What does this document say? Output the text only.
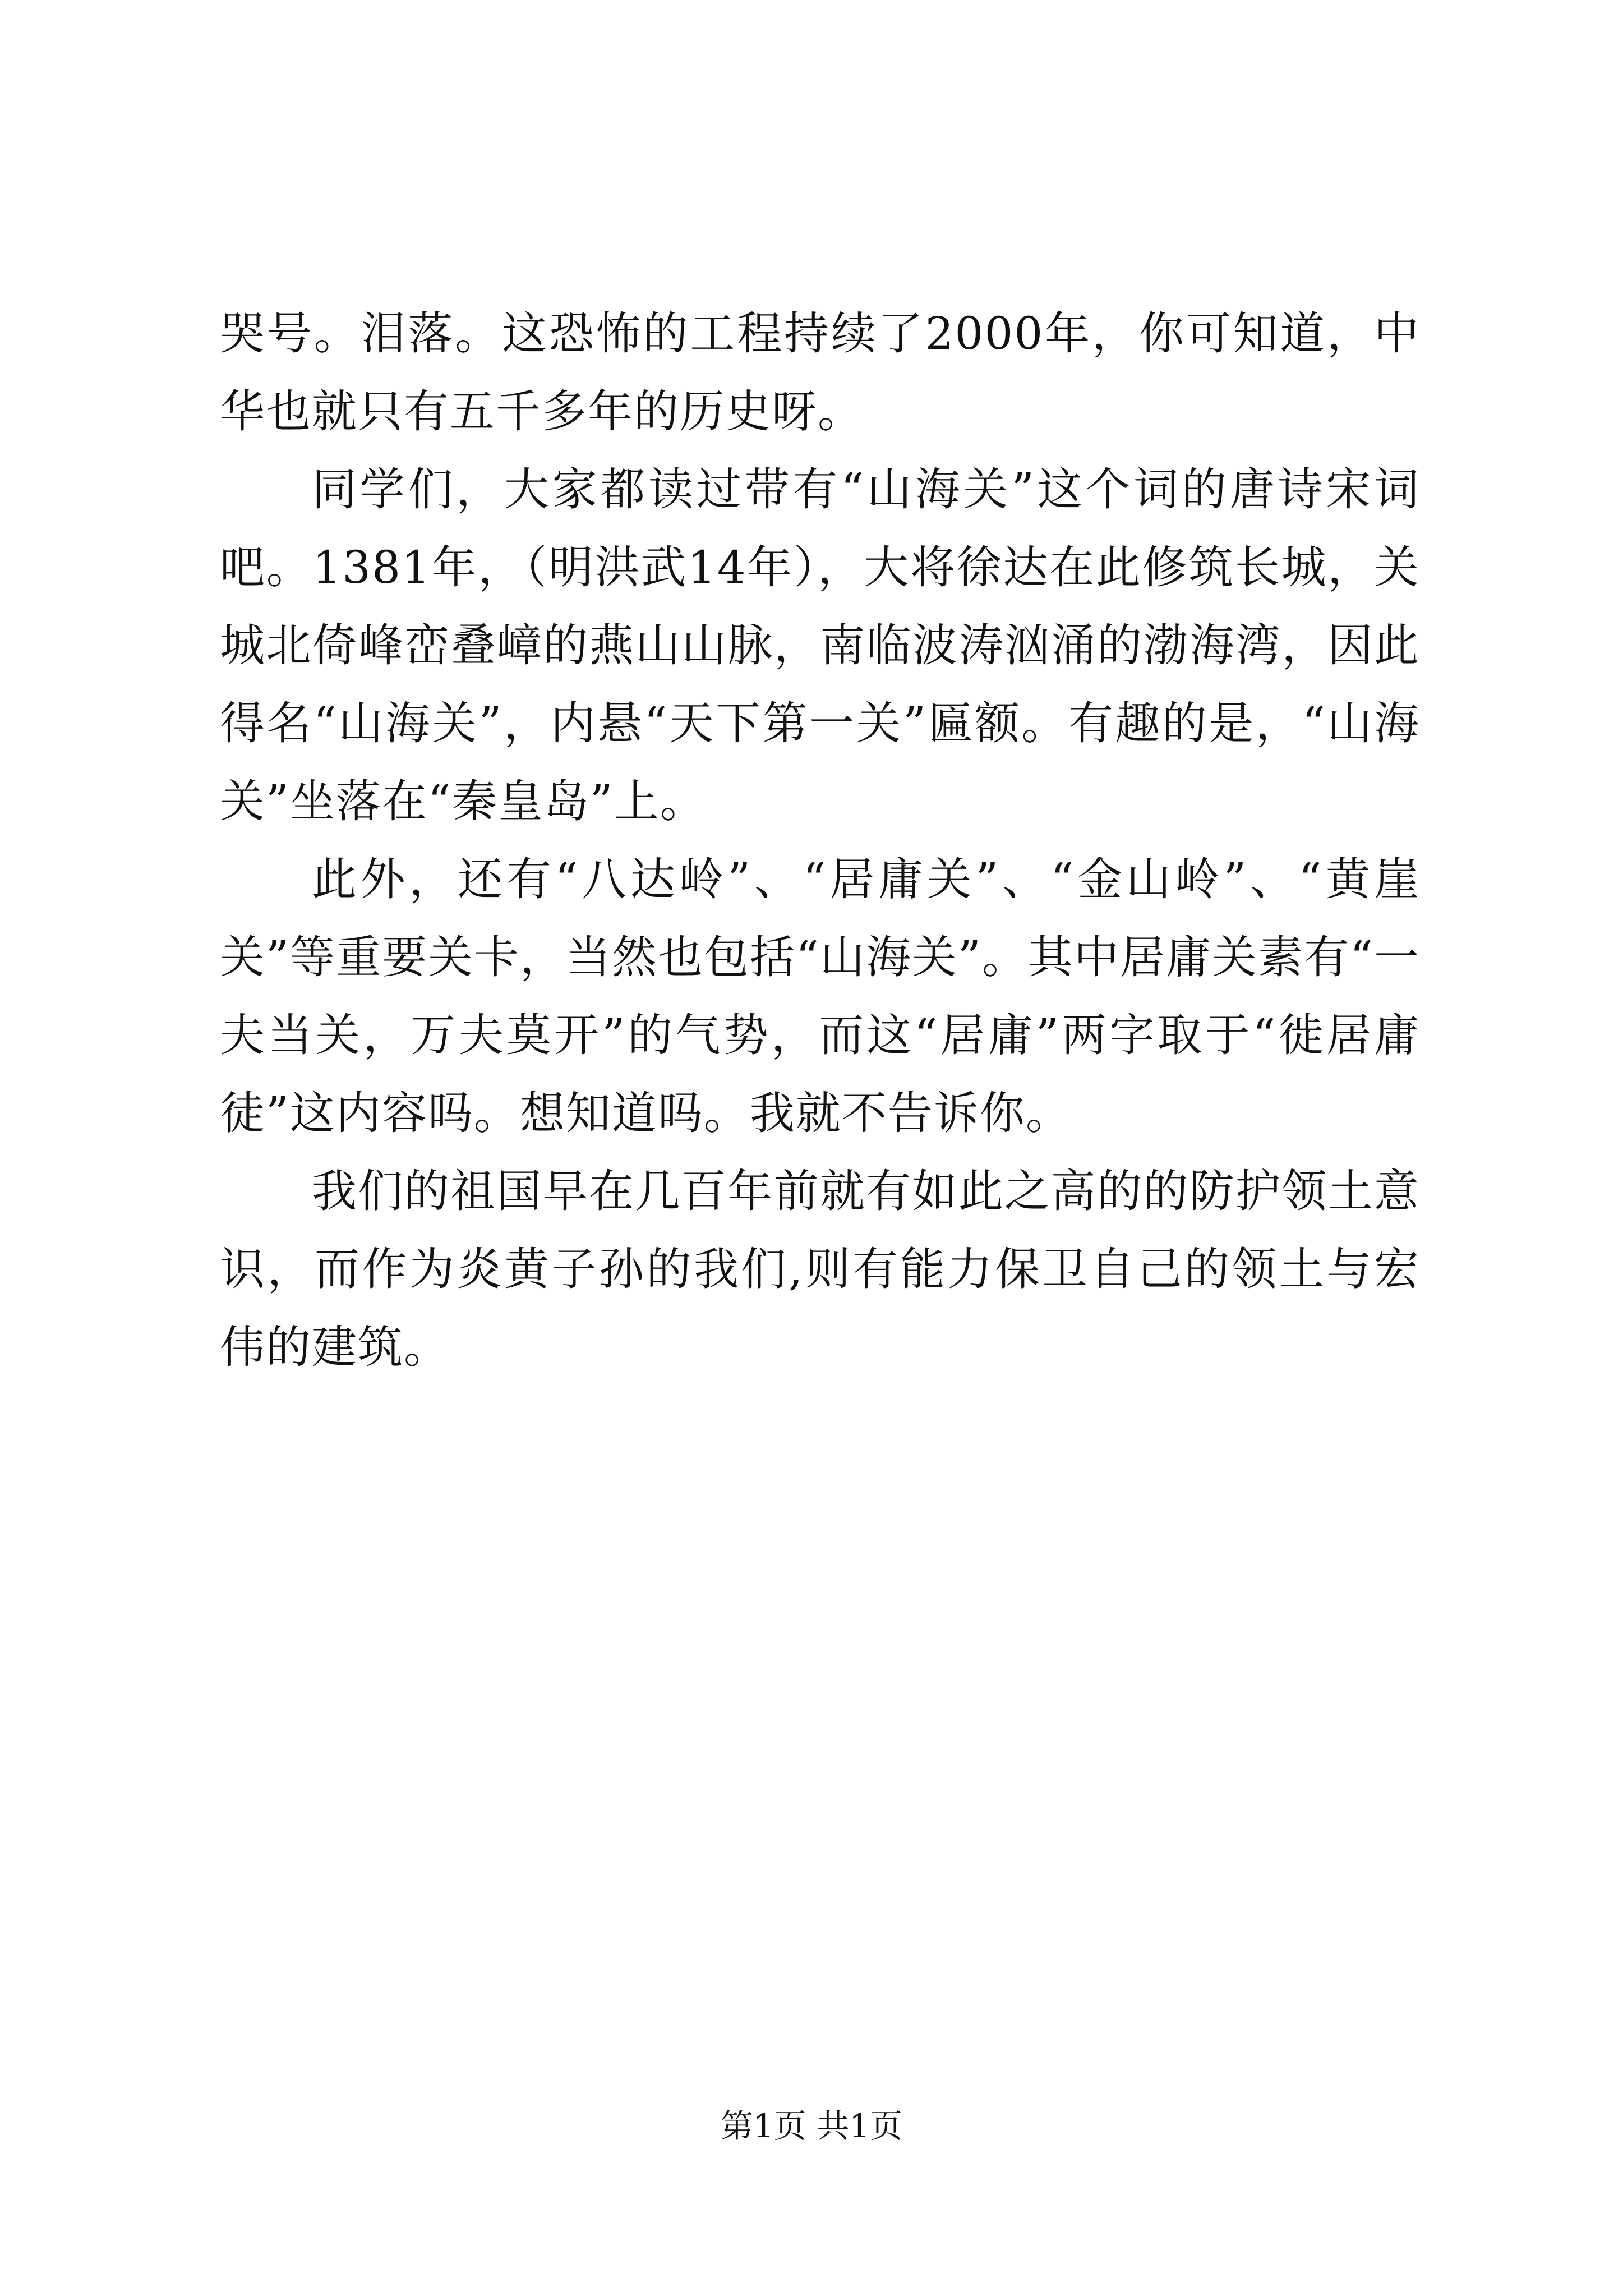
哭号。泪落。这恐怖的工程持续了2000年，你可知道，中华也就只有五千多年的历史呀。

同学们，大家都读过带有“山海关”这个词的唐诗宋词吧。1381年，（明洪武14年），大将徐达在此修筑长城，关城北倚峰峦叠嶂的燕山山脉，南临波涛汹涌的渤海湾，因此得名“山海关”，内悬“天下第一关”匾额。有趣的是，“山海关”坐落在“秦皇岛”上。

此外，还有“八达岭”、“居庸关”、“金山岭”、“黄崖关”等重要关卡，当然也包括“山海关”。其中居庸关素有“一夫当关，万夫莫开”的气势，而这“居庸”两字取于“徙居庸徒”这内容吗。想知道吗。我就不告诉你。

我们的祖国早在几百年前就有如此之高的的防护领土意识，而作为炎黄子孙的我们,则有能力保卫自己的领土与宏伟的建筑。

第1页 共1页
